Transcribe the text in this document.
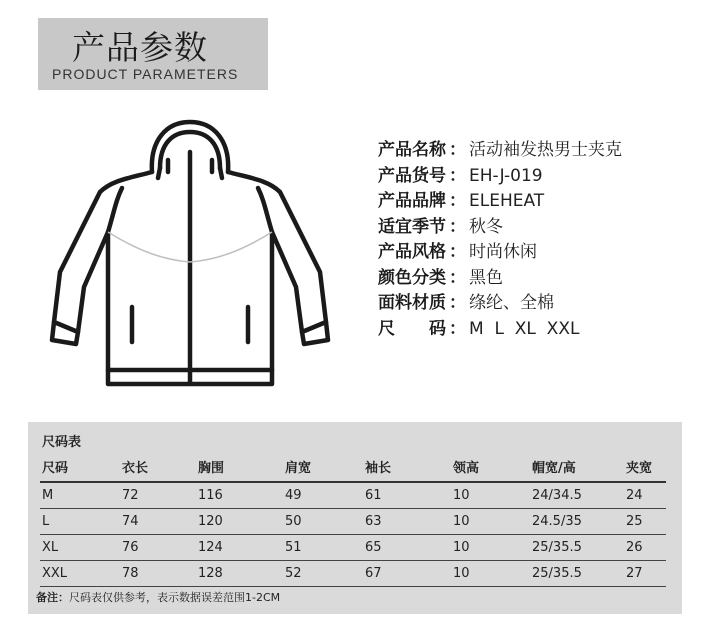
产品参数
PRODUCT PARAMETERS
产品名称 ： 活动袖发热男士夹克
产品货号 ： EH-J-019
产品品牌 ： ELEHEAT
适宜季节 ： 秋冬
产品风格 ： 时尚休闲
颜色分类 ： 黑色
面料材质 ： 绦纶、全棉
尺　　码 ： M  L  XL  XXL
尺码表
尺码	衣长	胸围	肩宽	袖长	领高	帽宽/高	夹宽
M	72	116	49	61	10	24/34.5	24
L	74	120	50	63	10	24.5/35	25
XL	76	124	51	65	10	25/35.5	26
XXL	78	128	52	67	10	25/35.5	27
备注：尺码表仅供参考，表示数据误差范围1-2CM
